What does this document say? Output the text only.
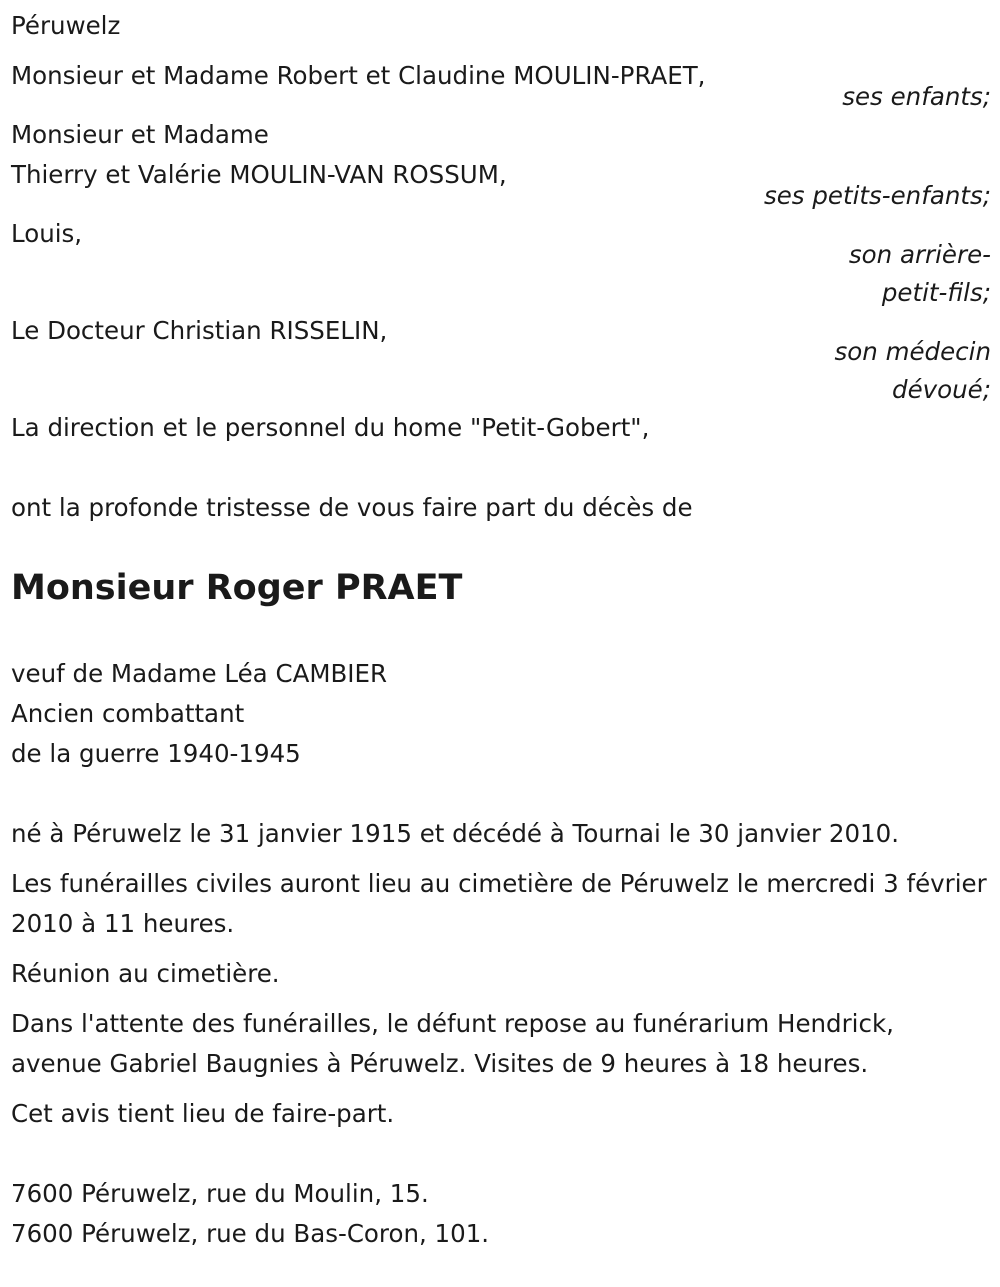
Péruwelz
Monsieur et Madame Robert et Claudine MOULIN-PRAET,
ses enfants;
Monsieur et Madame
Thierry et Valérie MOULIN-VAN ROSSUM,
ses petits-enfants;
Louis,
son arrière-
petit-fils;
Le Docteur Christian RISSELIN,
son médecin
dévoué;
La direction et le personnel du home "Petit-Gobert",
ont la profonde tristesse de vous faire part du décès de
Monsieur Roger PRAET
veuf de Madame Léa CAMBIER
Ancien combattant
de la guerre 1940-1945
né à Péruwelz le 31 janvier 1915 et décédé à Tournai le 30 janvier 2010.
Les funérailles civiles auront lieu au cimetière de Péruwelz le mercredi 3 février 2010 à 11 heures.
Réunion au cimetière.
Dans l'attente des funérailles, le défunt repose au funérarium Hendrick, avenue Gabriel Baugnies à Péruwelz. Visites de 9 heures à 18 heures.
Cet avis tient lieu de faire-part.
7600 Péruwelz, rue du Moulin, 15.
7600 Péruwelz, rue du Bas-Coron, 101.
